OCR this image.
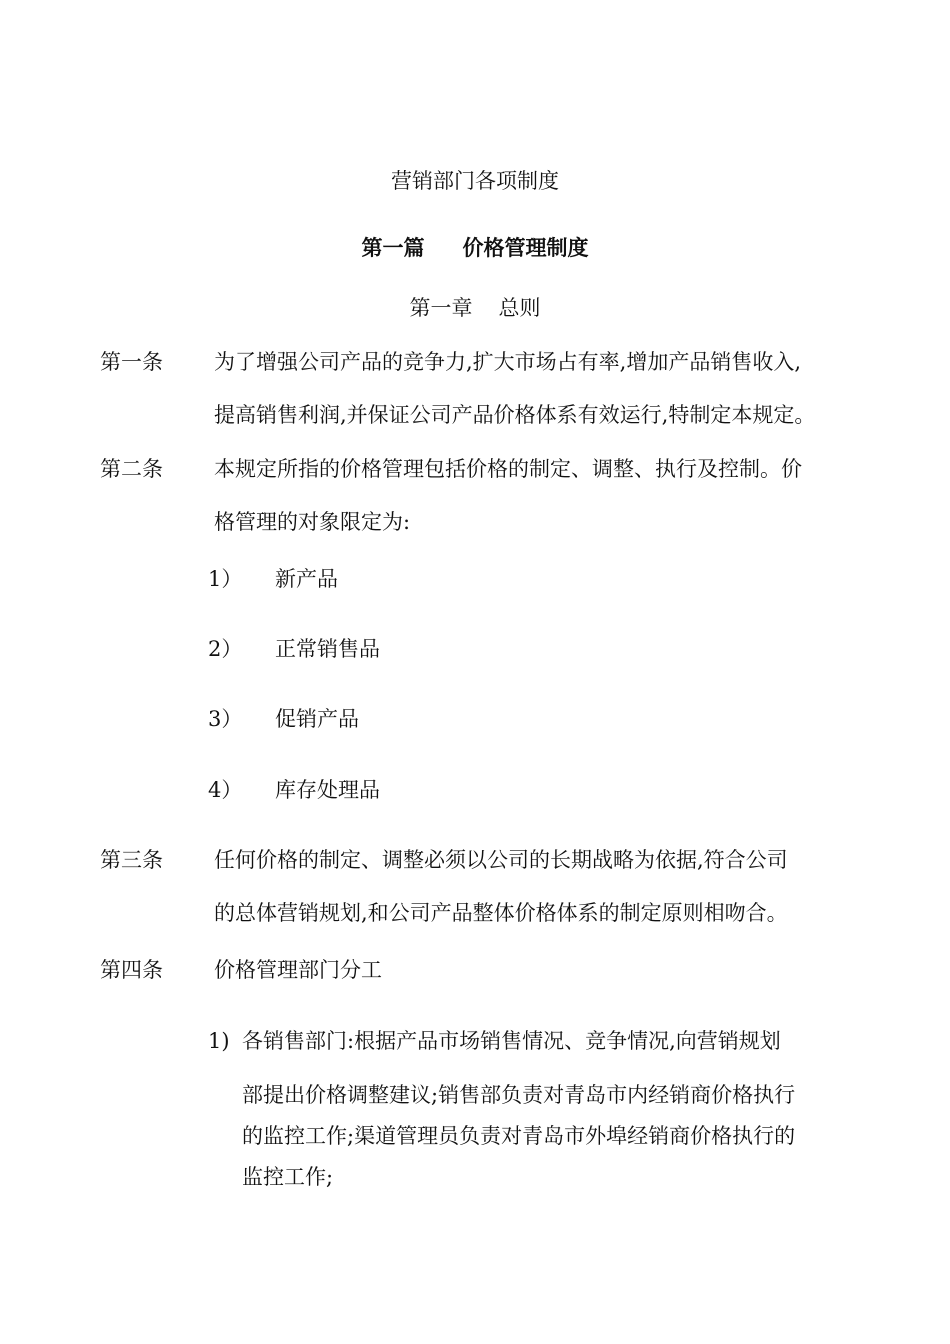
营销部门各项制度
第一篇 价格管理制度
第一章 总则
第一条 为了增强公司产品的竞争力,扩大市场占有率,增加产品销售收入,
提高销售利润,并保证公司产品价格体系有效运行,特制定本规定。
第二条 本规定所指的价格管理包括价格的制定、调整、执行及控制。价
格管理的对象限定为:
1） 新产品
2） 正常销售品
3） 促销产品
4） 库存处理品
第三条 任何价格的制定、调整必须以公司的长期战略为依据,符合公司
的总体营销规划,和公司产品整体价格体系的制定原则相吻合。
第四条 价格管理部门分工
1) 各销售部门:根据产品市场销售情况、竞争情况,向营销规划
部提出价格调整建议;销售部负责对青岛市内经销商价格执行
的监控工作;渠道管理员负责对青岛市外埠经销商价格执行的
监控工作;
